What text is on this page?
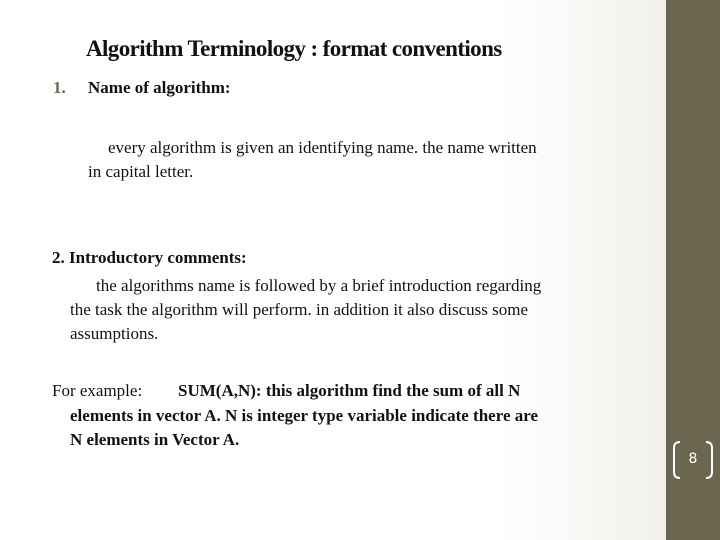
Algorithm Terminology : format conventions
1. Name of algorithm:
every algorithm is given an identifying name. the name written
in capital letter.
2. Introductory comments:
the algorithms name is followed by a brief introduction regarding
the task the algorithm will perform. in addition it also discuss some
assumptions.
For example: SUM(A,N): this algorithm find the sum of all N
elements in vector A. N is integer type variable indicate there are
N elements in Vector A.
8
